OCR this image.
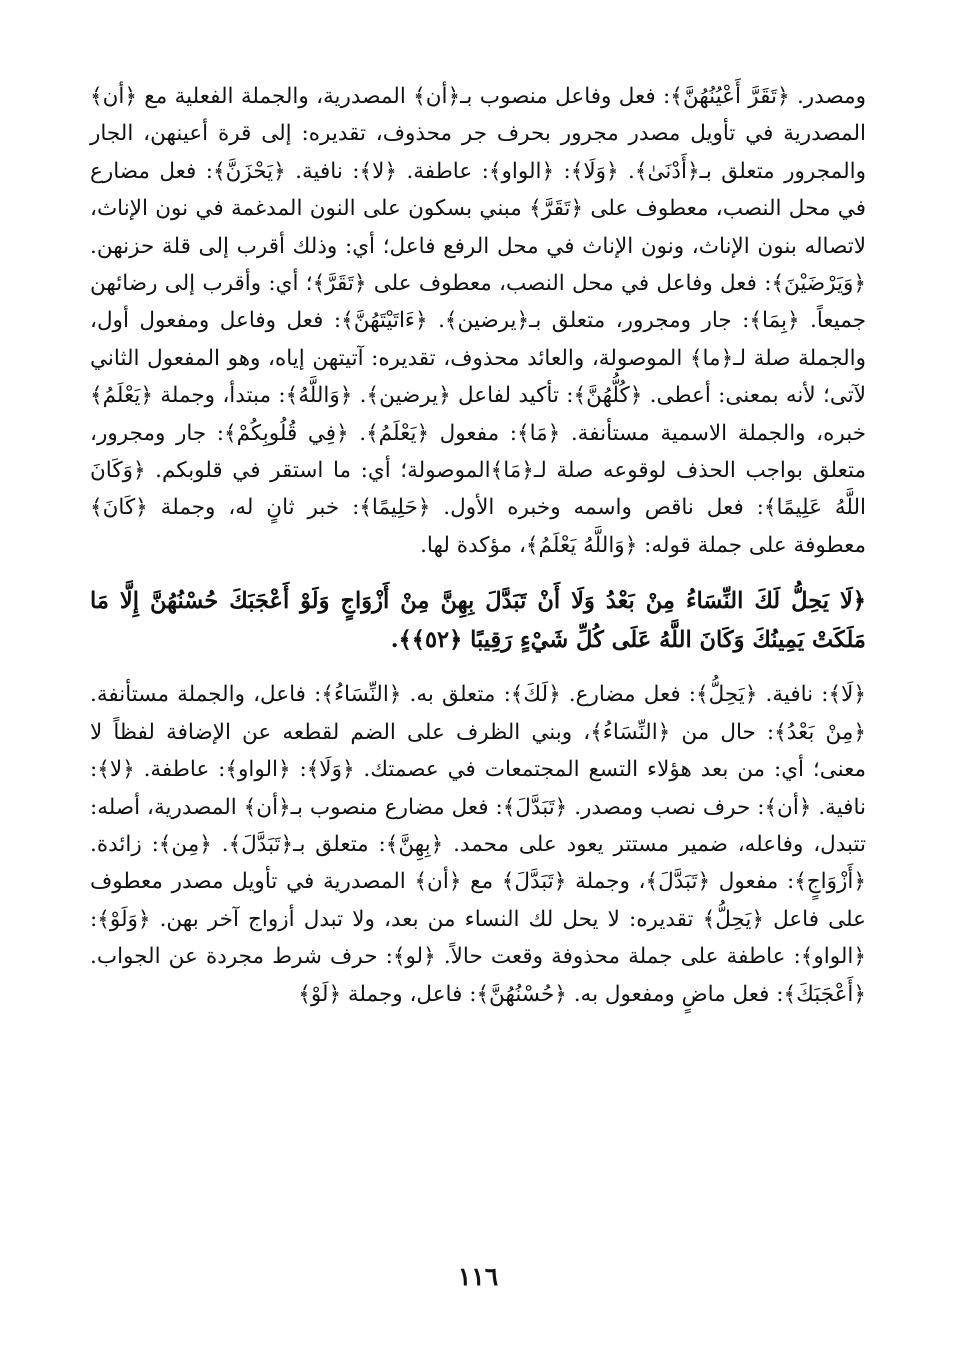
ومصدر. ﴿تَقَرَّ أَعْيُنُهُنَّ﴾: فعل وفاعل منصوب بـ﴿أن﴾ المصدرية، والجملة الفعلية مع ﴿أن﴾ المصدرية في تأويل مصدر مجرور بحرف جر محذوف، تقديره: إلى قرة أعينهن، الجار والمجرور متعلق بـ﴿أَدْنَىٰ﴾. ﴿وَلَا﴾: ﴿الواو﴾: عاطفة. ﴿لا﴾: نافية. ﴿يَحْزَنَّ﴾: فعل مضارع في محل النصب، معطوف على ﴿تَقَرَّ﴾ مبني بسكون على النون المدغمة في نون الإناث، لاتصاله بنون الإناث، ونون الإناث في محل الرفع فاعل؛ أي: وذلك أقرب إلى قلة حزنهن. ﴿وَيَرْضَيْنَ﴾: فعل وفاعل في محل النصب، معطوف على ﴿تَقَرَّ﴾؛ أي: وأقرب إلى رضائهن جميعاً. ﴿بِمَا﴾: جار ومجرور، متعلق بـ﴿يرضين﴾. ﴿ءَاتَيْتَهُنَّ﴾: فعل وفاعل ومفعول أول، والجملة صلة لـ﴿ما﴾ الموصولة، والعائد محذوف، تقديره: آتيتهن إياه، وهو المفعول الثاني لآتى؛ لأنه بمعنى: أعطى. ﴿كُلُّهُنَّ﴾: تأكيد لفاعل ﴿يرضين﴾. ﴿وَاللَّهُ﴾: مبتدأ، وجملة ﴿يَعْلَمُ﴾ خبره، والجملة الاسمية مستأنفة. ﴿مَا﴾: مفعول ﴿يَعْلَمُ﴾. ﴿فِي قُلُوبِكُمْ﴾: جار ومجرور، متعلق بواجب الحذف لوقوعه صلة لـ﴿مَا﴾الموصولة؛ أي: ما استقر في قلوبكم. ﴿وَكَانَ اللَّهُ عَلِيمًا﴾: فعل ناقص واسمه وخبره الأول. ﴿حَلِيمًا﴾: خبر ثانٍ له، وجملة ﴿كَانَ﴾ معطوفة على جملة قوله: ﴿وَاللَّهُ يَعْلَمُ﴾، مؤكدة لها.

﴿لَا يَحِلُّ لَكَ النِّسَاءُ مِنْ بَعْدُ وَلَا أَنْ تَبَدَّلَ بِهِنَّ مِنْ أَزْوَاجٍ وَلَوْ أَعْجَبَكَ حُسْنُهُنَّ إِلَّا مَا مَلَكَتْ يَمِينُكَ وَكَانَ اللَّهُ عَلَى كُلِّ شَيْءٍ رَقِيبًا ﴿٥٢﴾﴾.

﴿لَا﴾: نافية. ﴿يَحِلُّ﴾: فعل مضارع. ﴿لَكَ﴾: متعلق به. ﴿النِّسَاءُ﴾: فاعل، والجملة مستأنفة. ﴿مِنْ بَعْدُ﴾: حال من ﴿النِّسَاءُ﴾، وبني الظرف على الضم لقطعه عن الإضافة لفظاً لا معنى؛ أي: من بعد هؤلاء التسع المجتمعات في عصمتك. ﴿وَلَا﴾: ﴿الواو﴾: عاطفة. ﴿لا﴾: نافية. ﴿أن﴾: حرف نصب ومصدر. ﴿تَبَدَّلَ﴾: فعل مضارع منصوب بـ﴿أن﴾ المصدرية، أصله: تتبدل، وفاعله، ضمير مستتر يعود على محمد. ﴿بِهِنَّ﴾: متعلق بـ﴿تَبَدَّلَ﴾. ﴿مِن﴾: زائدة. ﴿أَزْوَاجٍ﴾: مفعول ﴿تَبَدَّلَ﴾، وجملة ﴿تَبَدَّلَ﴾ مع ﴿أن﴾ المصدرية في تأويل مصدر معطوف على فاعل ﴿يَحِلُّ﴾ تقديره: لا يحل لك النساء من بعد، ولا تبدل أزواج آخر بهن. ﴿وَلَوْ﴾: ﴿الواو﴾: عاطفة على جملة محذوفة وقعت حالاً. ﴿لو﴾: حرف شرط مجردة عن الجواب. ﴿أَعْجَبَكَ﴾: فعل ماضٍ ومفعول به. ﴿حُسْنُهُنَّ﴾: فاعل، وجملة ﴿لَوْ﴾

١١٦
